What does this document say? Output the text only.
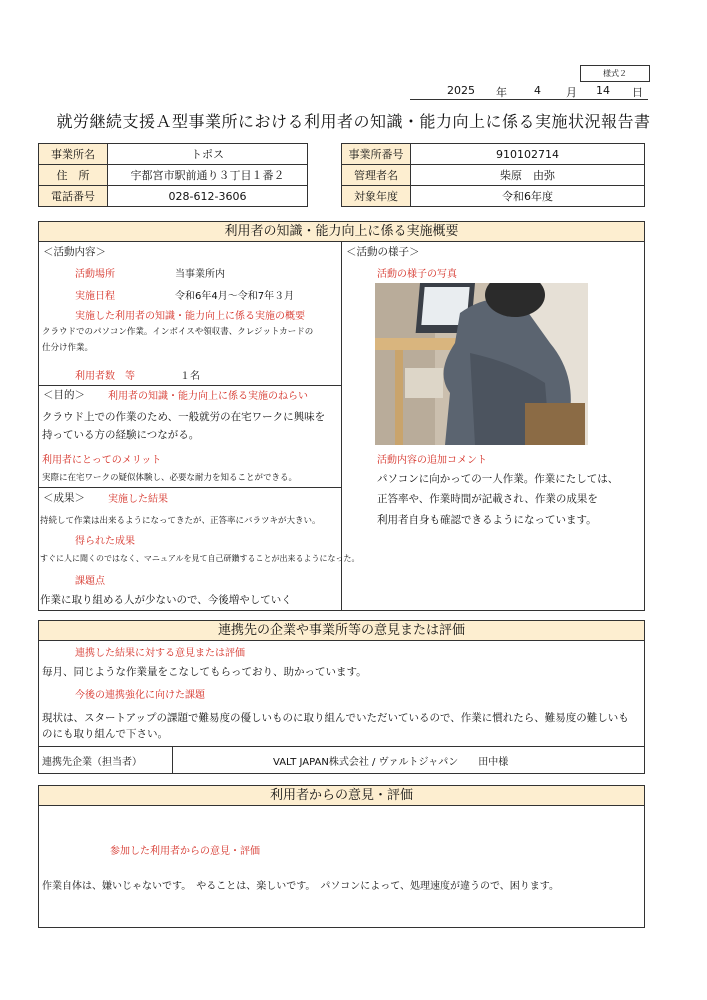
様式２
2025 年 4 月 14 日
就労継続支援Ａ型事業所における利用者の知識・能力向上に係る実施状況報告書
事業所名	トポス
住　所	宇都宮市駅前通り３丁目１番２
電話番号	028-612-3606
事業所番号	910102714
管理者名	柴原　由弥
対象年度	令和6年度
利用者の知識・能力向上に係る実施概要
＜活動内容＞
活動場所	当事業所内
実施日程	令和6年4月～令和7年３月
実施した利用者の知識・能力向上に係る実施の概要
クラウドでのパソコン作業。インボイスや領収書、クレジットカードの
仕分け作業。
利用者数　等	１名
＜目的＞ 利用者の知識・能力向上に係る実施のねらい
クラウド上での作業のため、一般就労の在宅ワークに興味を
持っている方の経験につながる。
利用者にとってのメリット
実際に在宅ワークの疑似体験し、必要な耐力を知ることができる。
＜成果＞ 実施した結果
持続して作業は出来るようになってきたが、正答率にバラツキが大きい。
得られた成果
すぐに人に聞くのではなく、マニュアルを見て自己研鑽することが出来るようになった。
課題点
作業に取り組める人が少ないので、今後増やしていく
＜活動の様子＞
活動の様子の写真
活動内容の追加コメント
パソコンに向かっての一人作業。作業にたしては、
正答率や、作業時間が記載され、作業の成果を
利用者自身も確認できるようになっています。
連携先の企業や事業所等の意見または評価
連携した結果に対する意見または評価
毎月、同じような作業量をこなしてもらっており、助かっています。
今後の連携強化に向けた課題
現状は、スタートアップの課題で難易度の優しいものに取り組んでいただいているので、作業に慣れたら、難易度の難しいも
のにも取り組んで下さい。
連携先企業（担当者）	VALT JAPAN株式会社 / ヴァルトジャパン　　田中様
利用者からの意見・評価
参加した利用者からの意見・評価
作業自体は、嫌いじゃないです。　やることは、楽しいです。　パソコンによって、処理速度が違うので、困ります。
